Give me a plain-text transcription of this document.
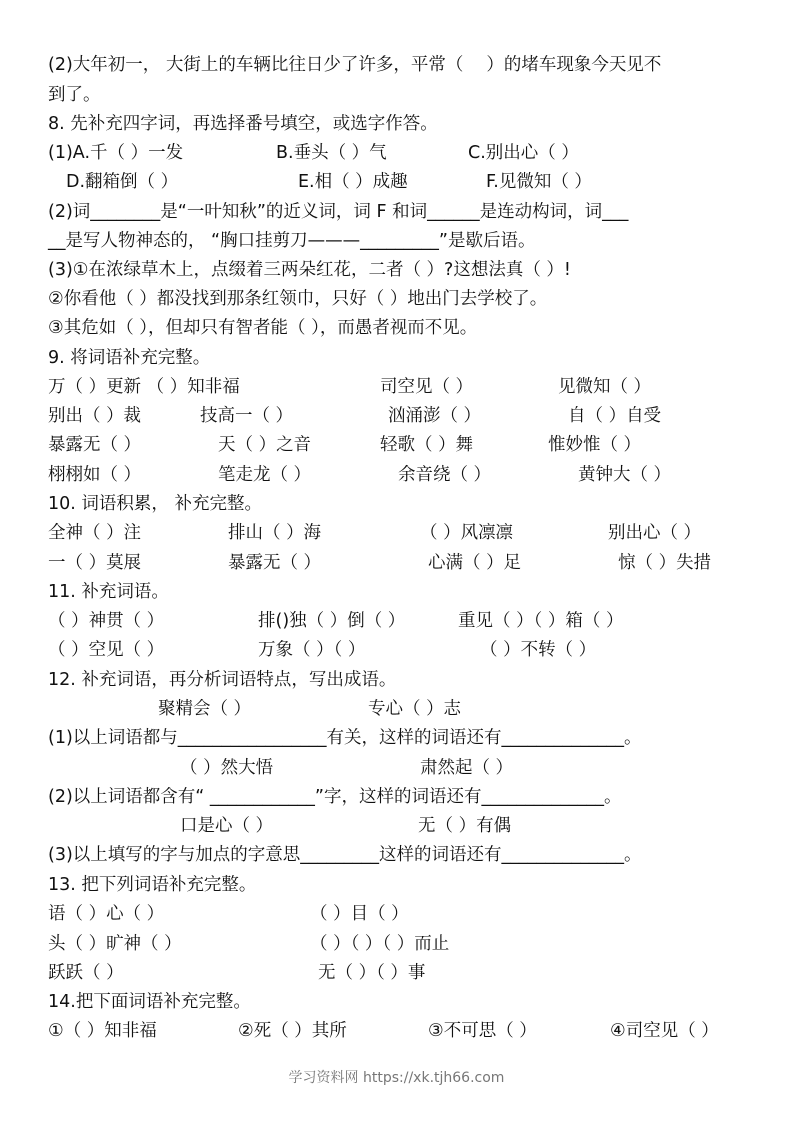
(2)大年初一， 大街上的车辆比往日少了许多，平常（　 ）的堵车现象今天见不
到了。
8. 先补充四字词，再选择番号填空，或选字作答。
(1)A.千（ ）一发	B.垂头（ ）气	C.别出心（ ）
D.翻箱倒（ ）	E.相（ ）成趣	F.见微知（ ）
(2)词________是“一叶知秋”的近义词，词 F 和词______是连动构词，词___
__是写人物神态的， “胸口挂剪刀———_________”是歇后语。
(3)①在浓绿草木上，点缀着三两朵红花，二者（ ）?这想法真（ ）!
②你看他（ ）都没找到那条红领巾，只好（ ）地出门去学校了。
③其危如（ ），但却只有智者能（ ），而愚者视而不见。
9. 将词语补充完整。
万（ ）更新 （ ）知非福	司空见（ ）	见微知（ ）
别出（ ）裁	技高一（ ）	汹涌澎（ ）	自（ ）自受
暴露无（ ）	天（ ）之音	轻歌（ ）舞	惟妙惟（ ）
栩栩如（ ）	笔走龙（ ）	余音绕（ ）	黄钟大（ ）
10. 词语积累， 补充完整。
全神（ ）注	排山（ ）海	（ ）风凛凛	别出心（ ）
一（ ）莫展	暴露无（ ）	心满（ ）足	惊（ ）失措
11. 补充词语。
（ ）神贯（ ）	排()独（ ）倒（ ）	重见（ ）（ ）箱（ ）
（ ）空见（ ）	万象（ ）（ ）	（ ）不转（ ）
12. 补充词语，再分析词语特点，写出成语。
聚精会（ ）	专心（ ）志
(1)以上词语都与_________________有关，这样的词语还有______________。
（ ）然大悟	肃然起（ ）
(2)以上词语都含有“ ____________”字，这样的词语还有______________。
口是心（ ）	无（ ）有偶
(3)以上填写的字与加点的字意思_________这样的词语还有______________。
13. 把下列词语补充完整。
语（ ）心（ ）	（ ）目（ ）
头（ ）旷神（ ）	（ ）（ ）（ ）而止
跃跃（ ）	无（ ）（ ）事
14.把下面词语补充完整。
①（ ）知非福	②死（ ）其所	③不可思（ ）	④司空见（ ）
学习资料网 https://xk.tjh66.com
